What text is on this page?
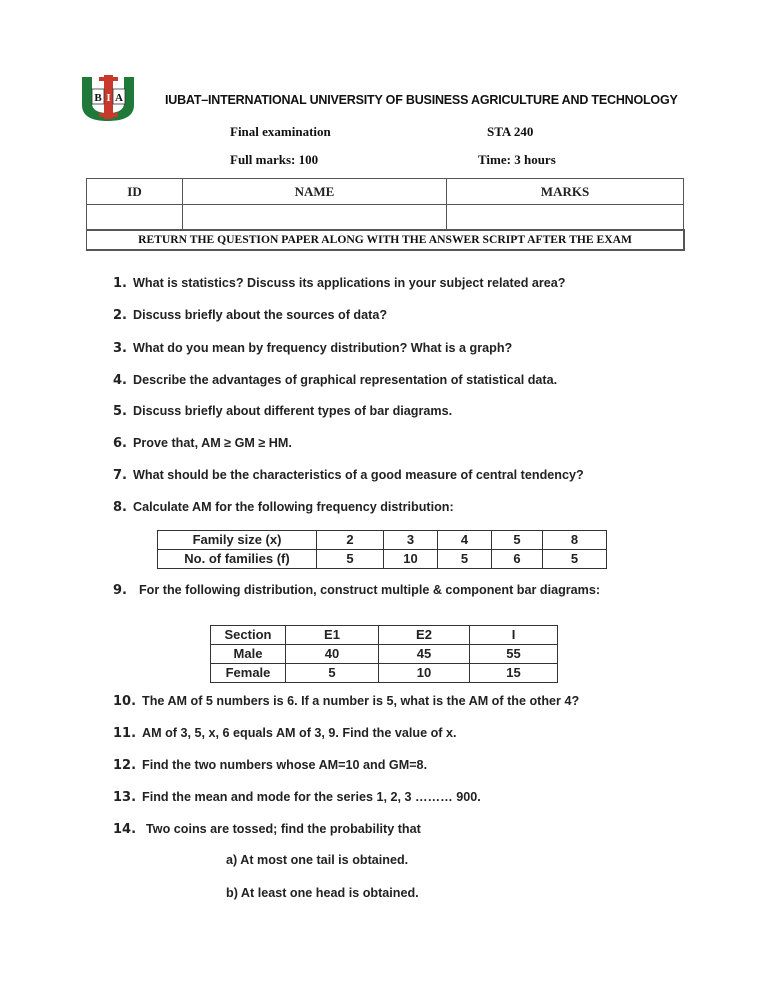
B I A	IUBAT–INTERNATIONAL UNIVERSITY OF BUSINESS AGRICULTURE AND TECHNOLOGY
Final examination	STA 240
Full marks: 100	Time: 3 hours
ID	NAME	MARKS

RETURN THE QUESTION PAPER ALONG WITH THE ANSWER SCRIPT AFTER THE EXAM
1. What is statistics? Discuss its applications in your subject related area?
2. Discuss briefly about the sources of data?
3. What do you mean by frequency distribution? What is a graph?
4. Describe the advantages of graphical representation of statistical data.
5. Discuss briefly about different types of bar diagrams.
6. Prove that, AM ≥ GM ≥ HM.
7. What should be the characteristics of a good measure of central tendency?
8. Calculate AM for the following frequency distribution:
Family size (x)	2	3	4	5	8
No. of families (f)	5	10	5	6	5
9. For the following distribution, construct multiple & component bar diagrams:
Section	E1	E2	I
Male	40	45	55
Female	5	10	15
10. The AM of 5 numbers is 6. If a number is 5, what is the AM of the other 4?
11. AM of 3, 5, x, 6 equals AM of 3, 9. Find the value of x.
12. Find the two numbers whose AM=10 and GM=8.
13. Find the mean and mode for the series 1, 2, 3 ……… 900.
14. Two coins are tossed; find the probability that
a) At most one tail is obtained.
b) At least one head is obtained.
